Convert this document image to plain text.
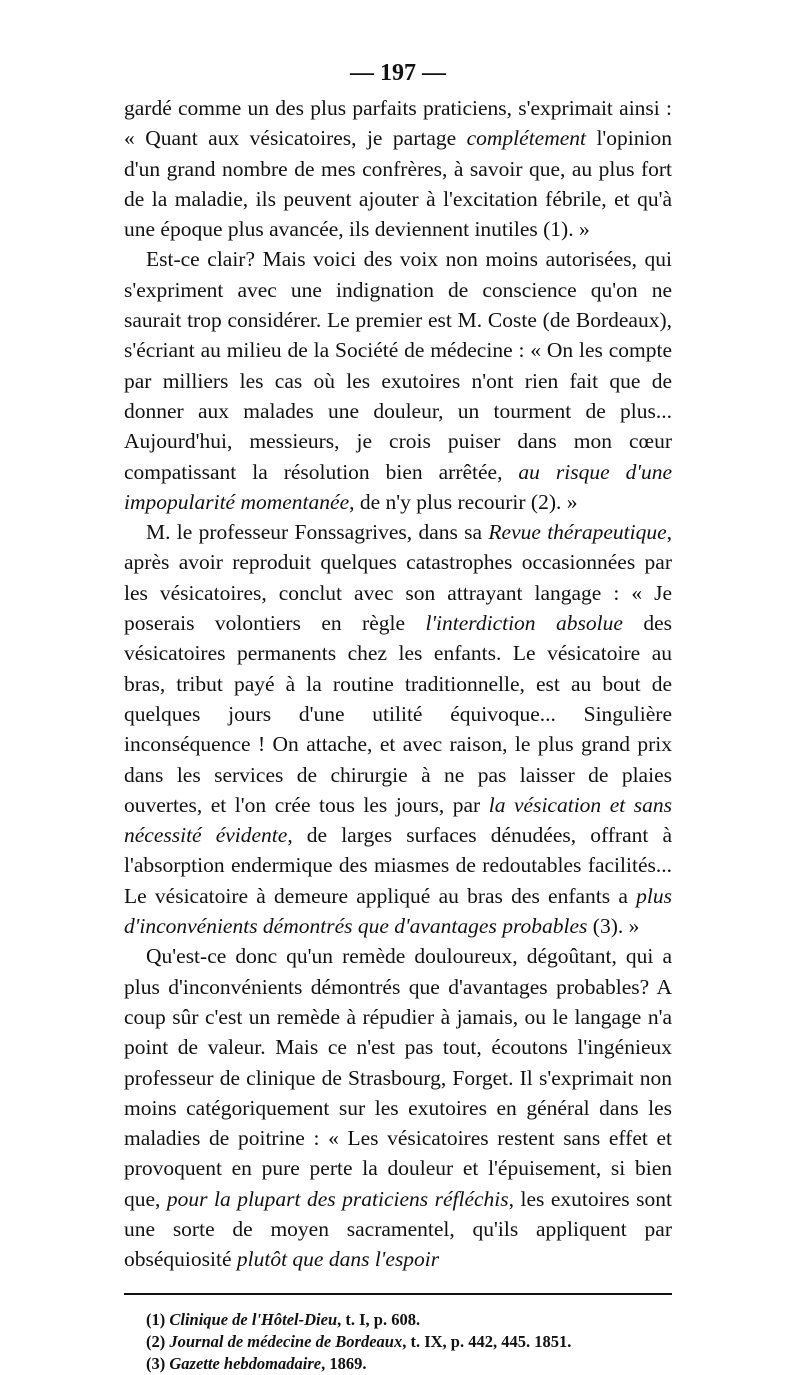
— 197 —

gardé comme un des plus parfaits praticiens, s'exprimait ainsi : « Quant aux vésicatoires, je partage complétement l'opinion d'un grand nombre de mes confrères, à savoir que, au plus fort de la maladie, ils peuvent ajouter à l'excitation fébrile, et qu'à une époque plus avancée, ils deviennent inutiles (1). »

Est-ce clair? Mais voici des voix non moins autorisées, qui s'expriment avec une indignation de conscience qu'on ne saurait trop considérer. Le premier est M. Coste (de Bordeaux), s'écriant au milieu de la Société de médecine : « On les compte par milliers les cas où les exutoires n'ont rien fait que de donner aux malades une douleur, un tourment de plus... Aujourd'hui, messieurs, je crois puiser dans mon cœur compatissant la résolution bien arrêtée, au risque d'une impopularité momentanée, de n'y plus recourir (2). »

M. le professeur Fonssagrives, dans sa Revue thérapeutique, après avoir reproduit quelques catastrophes occasionnées par les vésicatoires, conclut avec son attrayant langage : « Je poserais volontiers en règle l'interdiction absolue des vésicatoires permanents chez les enfants. Le vésicatoire au bras, tribut payé à la routine traditionnelle, est au bout de quelques jours d'une utilité équivoque... Singulière inconséquence ! On attache, et avec raison, le plus grand prix dans les services de chirurgie à ne pas laisser de plaies ouvertes, et l'on crée tous les jours, par la vésication et sans nécessité évidente, de larges surfaces dénudées, offrant à l'absorption endermique des miasmes de redoutables facilités... Le vésicatoire à demeure appliqué au bras des enfants a plus d'inconvénients démontrés que d'avantages probables (3). »

Qu'est-ce donc qu'un remède douloureux, dégoûtant, qui a plus d'inconvénients démontrés que d'avantages probables? A coup sûr c'est un remède à répudier à jamais, ou le langage n'a point de valeur. Mais ce n'est pas tout, écoutons l'ingénieux professeur de clinique de Strasbourg, Forget. Il s'exprimait non moins catégoriquement sur les exutoires en général dans les maladies de poitrine : « Les vésicatoires restent sans effet et provoquent en pure perte la douleur et l'épuisement, si bien que, pour la plupart des praticiens réfléchis, les exutoires sont une sorte de moyen sacramentel, qu'ils appliquent par obséquiosité plutôt que dans l'espoir

(1) Clinique de l'Hôtel-Dieu, t. I, p. 608.
(2) Journal de médecine de Bordeaux, t. IX, p. 442, 445. 1851.
(3) Gazette hebdomadaire, 1869.
